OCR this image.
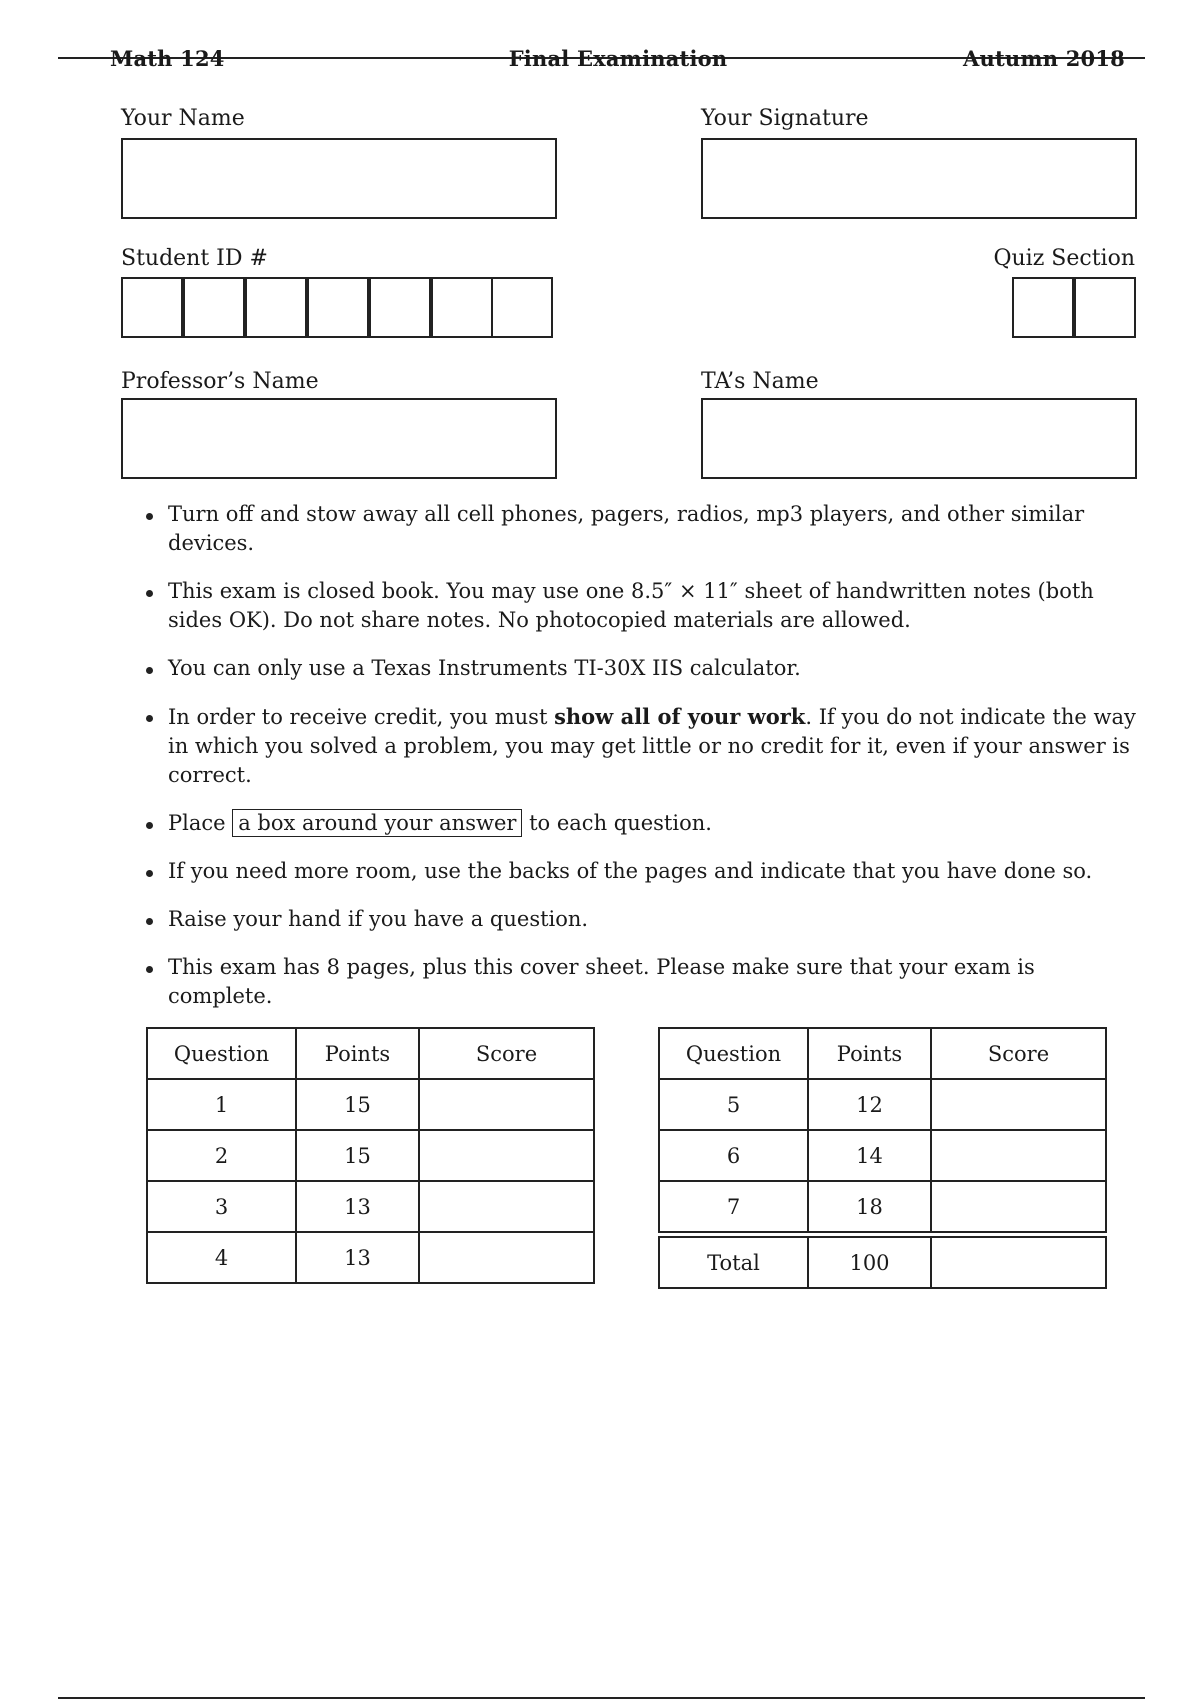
Math 124	Final Examination	Autumn 2018
Your Name	Your Signature
Student ID #	Quiz Section
Professor’s Name	TA’s Name
Turn off and stow away all cell phones, pagers, radios, mp3 players, and other similar devices.
This exam is closed book. You may use one 8.5″ × 11″ sheet of handwritten notes (both sides OK). Do not share notes. No photocopied materials are allowed.
You can only use a Texas Instruments TI-30X IIS calculator.
In order to receive credit, you must show all of your work. If you do not indicate the way in which you solved a problem, you may get little or no credit for it, even if your answer is correct.
Place a box around your answer to each question.
If you need more room, use the backs of the pages and indicate that you have done so.
Raise your hand if you have a question.
This exam has 8 pages, plus this cover sheet. Please make sure that your exam is complete.
Question	Points	Score
1	15	
2	15	
3	13	
4	13	
Question	Points	Score
5	12	
6	14	
7	18	

Total	100	
